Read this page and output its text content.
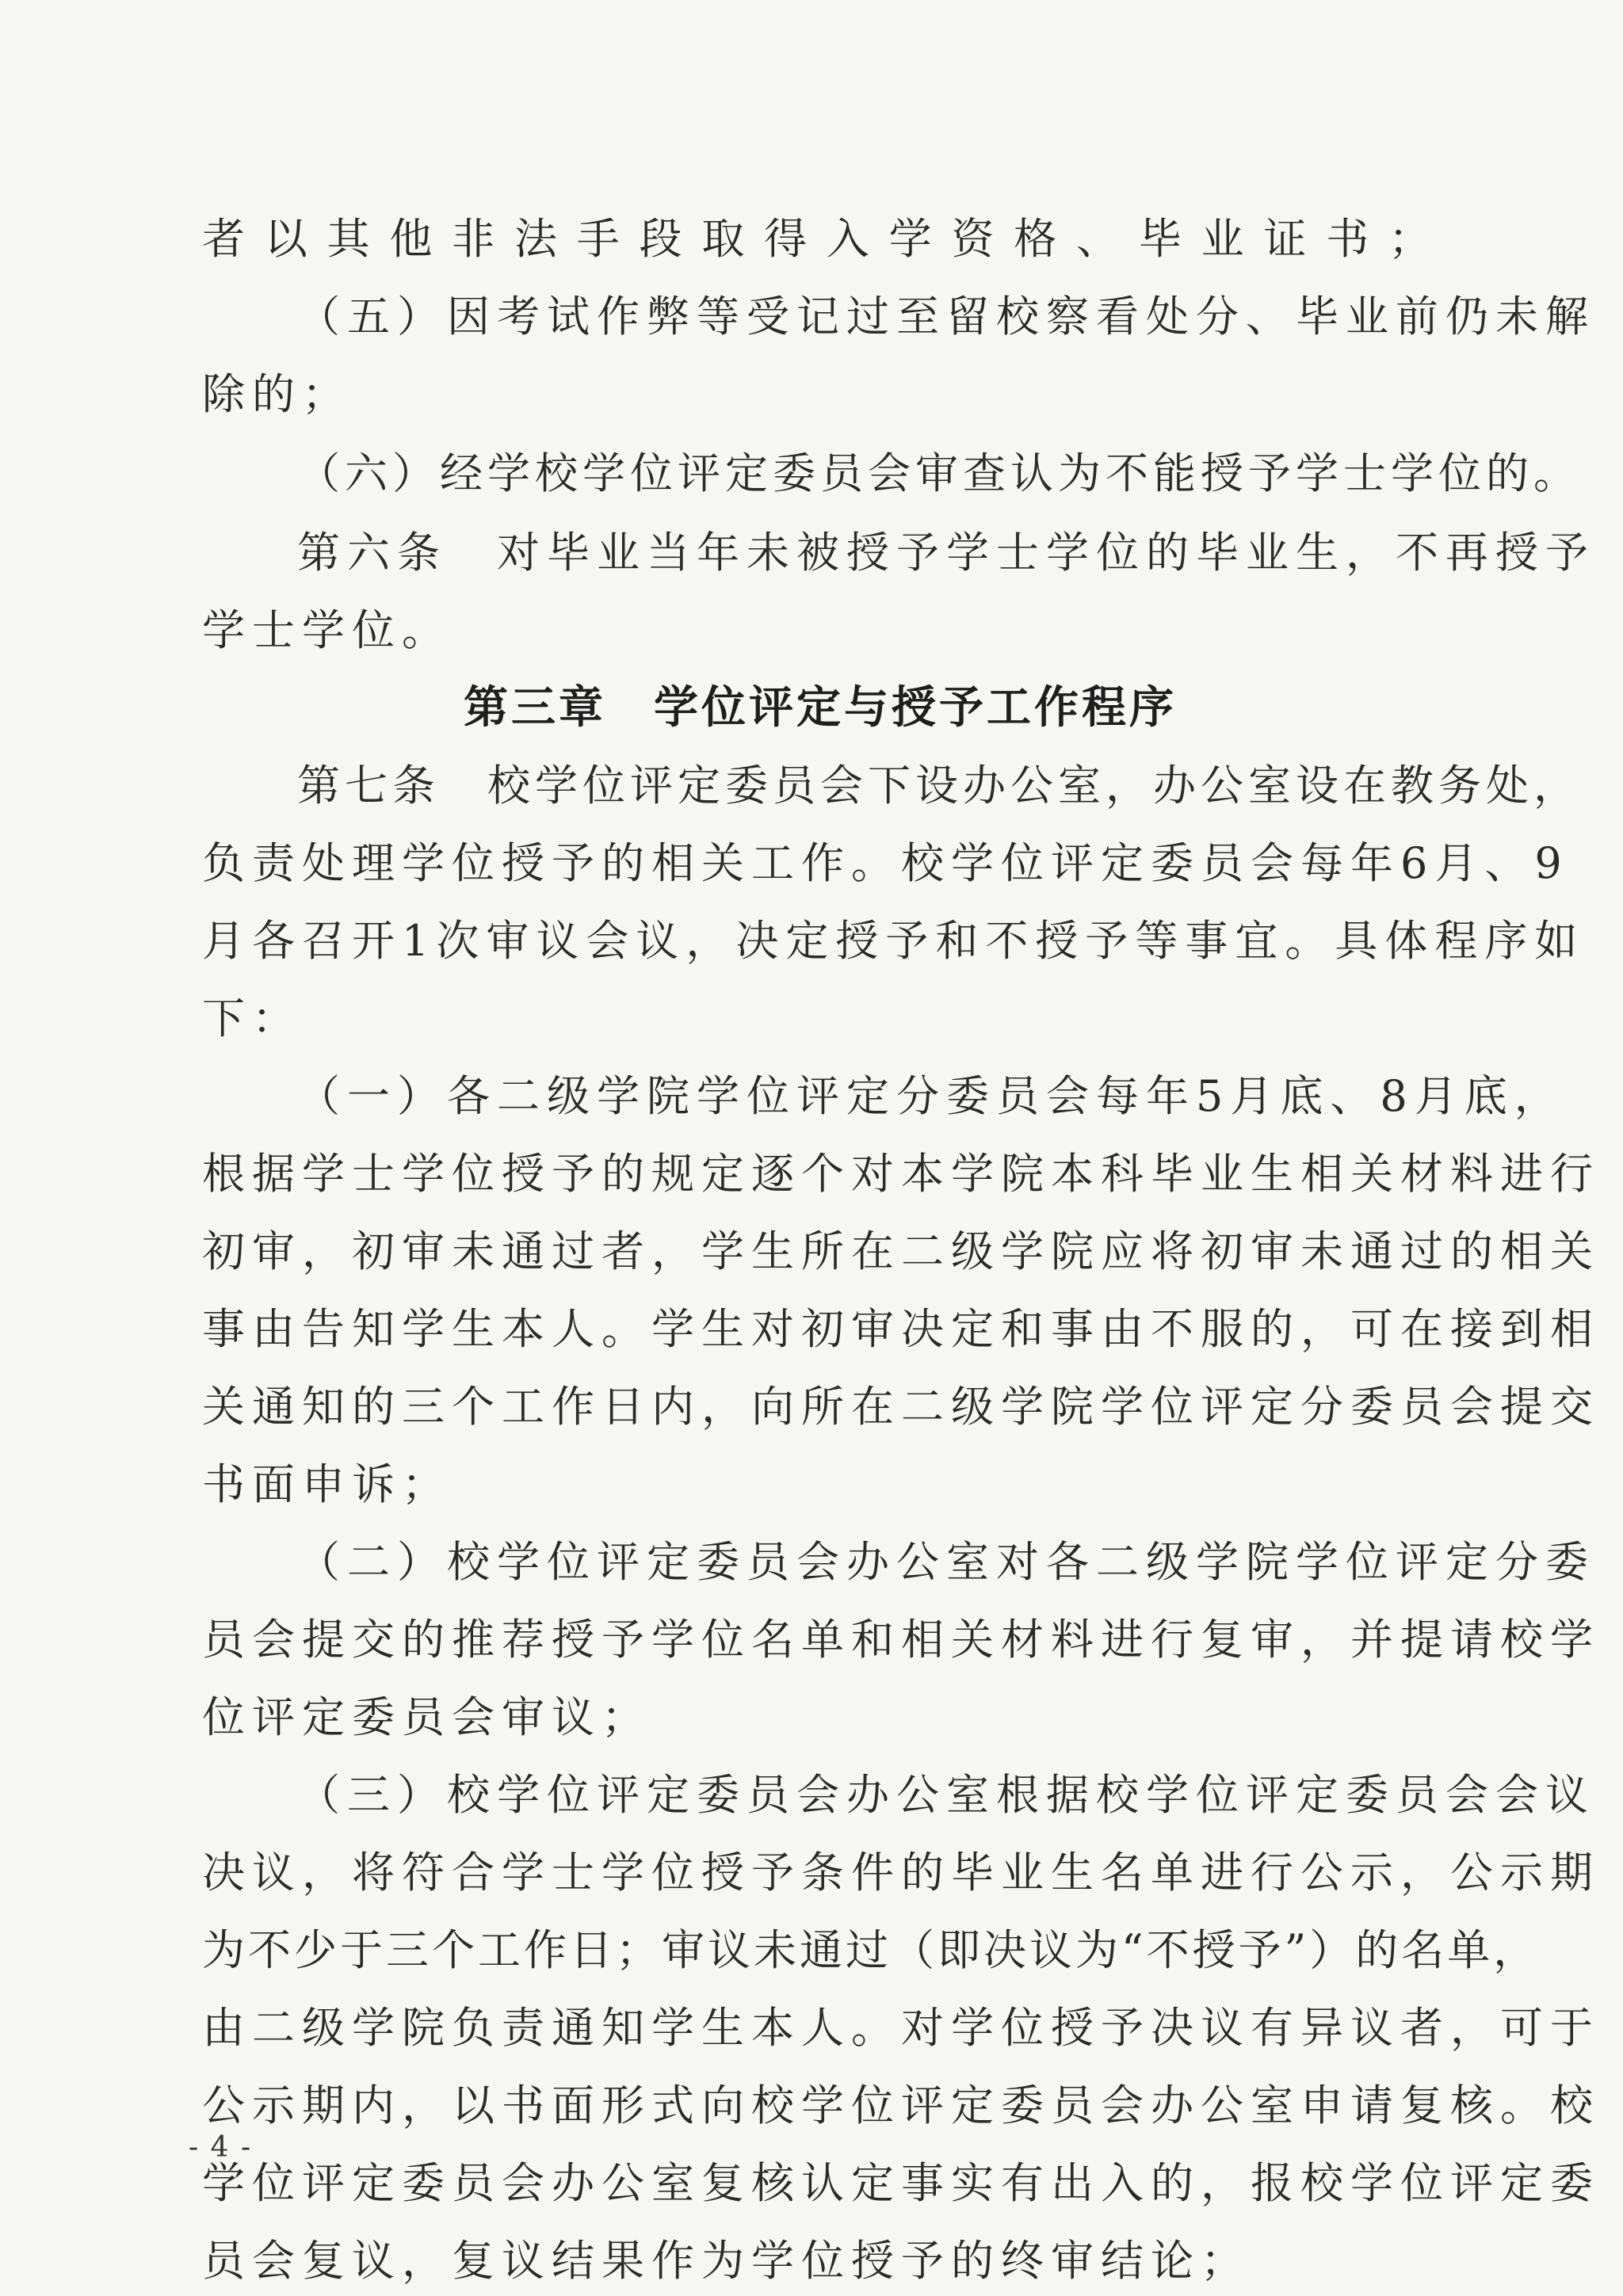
者以其他非法手段取得入学资格、毕业证书；
（五）因考试作弊等受记过至留校察看处分、毕业前仍未解
除的；
（六）经学校学位评定委员会审查认为不能授予学士学位的。
第六条　对毕业当年未被授予学士学位的毕业生，不再授予
学士学位。
第三章　学位评定与授予工作程序
第七条　校学位评定委员会下设办公室，办公室设在教务处，
负责处理学位授予的相关工作。校学位评定委员会每年6月、9
月各召开1次审议会议，决定授予和不授予等事宜。具体程序如
下：
（一）各二级学院学位评定分委员会每年5月底、8月底，
根据学士学位授予的规定逐个对本学院本科毕业生相关材料进行
初审，初审未通过者，学生所在二级学院应将初审未通过的相关
事由告知学生本人。学生对初审决定和事由不服的，可在接到相
关通知的三个工作日内，向所在二级学院学位评定分委员会提交
书面申诉；
（二）校学位评定委员会办公室对各二级学院学位评定分委
员会提交的推荐授予学位名单和相关材料进行复审，并提请校学
位评定委员会审议；
（三）校学位评定委员会办公室根据校学位评定委员会会议
决议，将符合学士学位授予条件的毕业生名单进行公示，公示期
为不少于三个工作日；审议未通过（即决议为“不授予”）的名单，
由二级学院负责通知学生本人。对学位授予决议有异议者，可于
公示期内，以书面形式向校学位评定委员会办公室申请复核。校
学位评定委员会办公室复核认定事实有出入的，报校学位评定委
员会复议，复议结果作为学位授予的终审结论；
- 4 -
